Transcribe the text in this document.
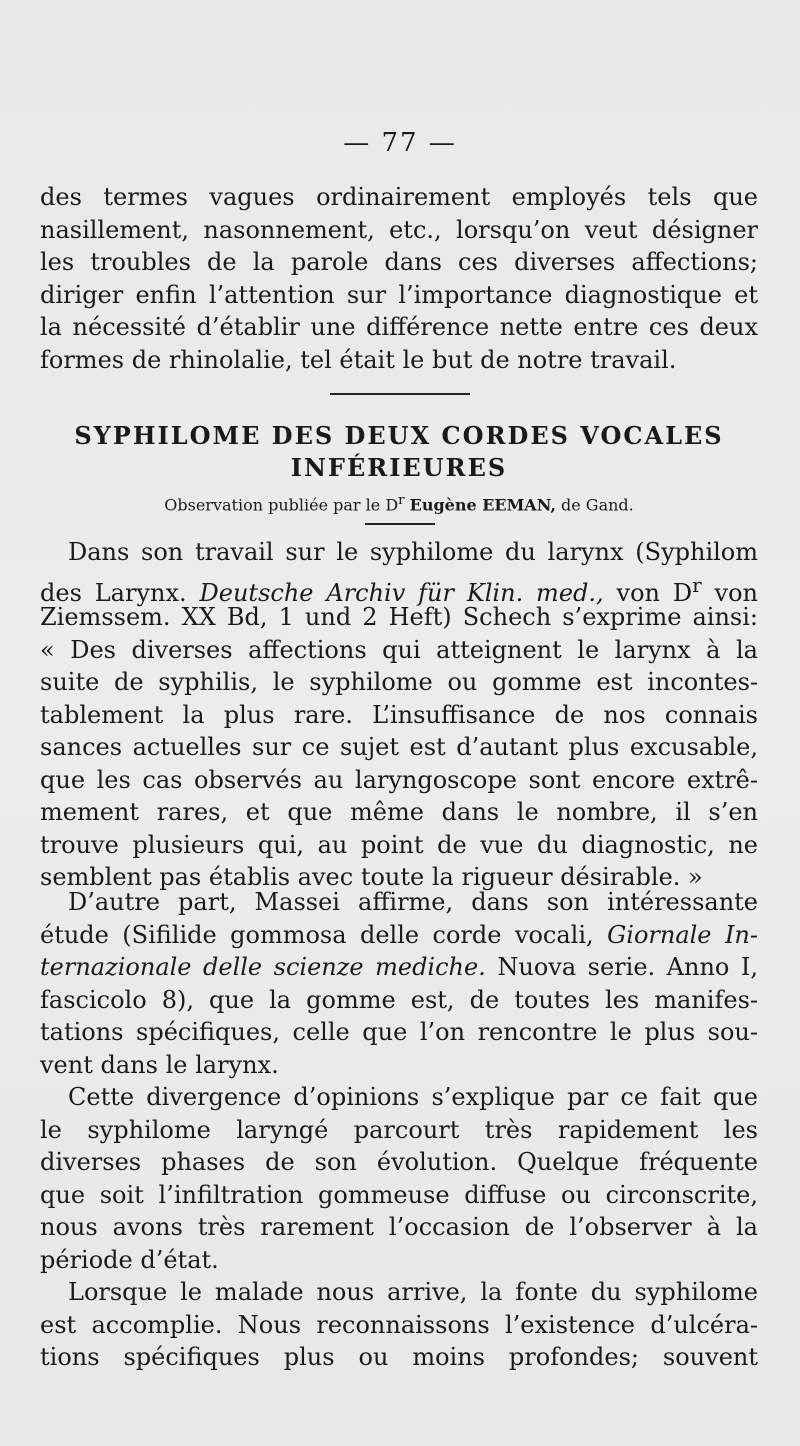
— 77 —
des termes vagues ordinairement employés tels que
nasillement, nasonnement, etc., lorsqu’on veut désigner
les troubles de la parole dans ces diverses affections;
diriger enfin l’attention sur l’importance diagnostique et
la nécessité d’établir une différence nette entre ces deux
formes de rhinolalie, tel était le but de notre travail.
SYPHILOME DES DEUX CORDES VOCALES
INFÉRIEURES
Observation publiée par le $D^r$ Eugène EEMAN, de Gand.
Dans son travail sur le syphilome du larynx (Syphilom
des Larynx. Deutsche Archiv für Klin. med., von $D^r$ von
Ziemssem. XX Bd, 1 und 2 Heft) Schech s’exprime ainsi:
« Des diverses affections qui atteignent le larynx à la
suite de syphilis, le syphilome ou gomme est incontes-
tablement la plus rare. L’insuffisance de nos connais
sances actuelles sur ce sujet est d’autant plus excusable,
que les cas observés au laryngoscope sont encore extrê-
mement rares, et que même dans le nombre, il s’en
trouve plusieurs qui, au point de vue du diagnostic, ne
semblent pas établis avec toute la rigueur désirable. »
D’autre part, Massei affirme, dans son intéressante
étude (Sifilide gommosa delle corde vocali, Giornale In-
ternazionale delle scienze mediche. Nuova serie. Anno I,
fascicolo 8), que la gomme est, de toutes les manifes-
tations spécifiques, celle que l’on rencontre le plus sou-
vent dans le larynx.
Cette divergence d’opinions s’explique par ce fait que
le syphilome laryngé parcourt très rapidement les
diverses phases de son évolution. Quelque fréquente
que soit l’infiltration gommeuse diffuse ou circonscrite,
nous avons très rarement l’occasion de l’observer à la
période d’état.
Lorsque le malade nous arrive, la fonte du syphilome
est accomplie. Nous reconnaissons l’existence d’ulcéra-
tions spécifiques plus ou moins profondes; souvent
